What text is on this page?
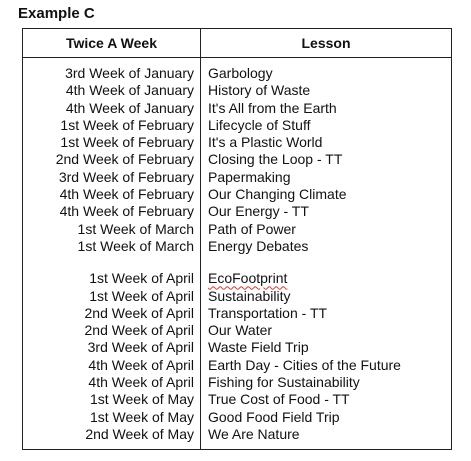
Example C
Twice A Week	Lesson
3rd Week of January
4th Week of January
4th Week of January
1st Week of February
1st Week of February
2nd Week of February
3rd Week of February
4th Week of February
4th Week of February
1st Week of March
1st Week of March
1st Week of April
1st Week of April
2nd Week of April
2nd Week of April
3rd Week of April
4th Week of April
4th Week of April
1st Week of May
1st Week of May
2nd Week of May
Garbology
History of Waste
It's All from the Earth
Lifecycle of Stuff
It's a Plastic World
Closing the Loop - TT
Papermaking
Our Changing Climate
Our Energy - TT
Path of Power
Energy Debates
EcoFootprint
Sustainability
Transportation - TT
Our Water
Waste Field Trip
Earth Day - Cities of the Future
Fishing for Sustainability
True Cost of Food - TT
Good Food Field Trip
We Are Nature
